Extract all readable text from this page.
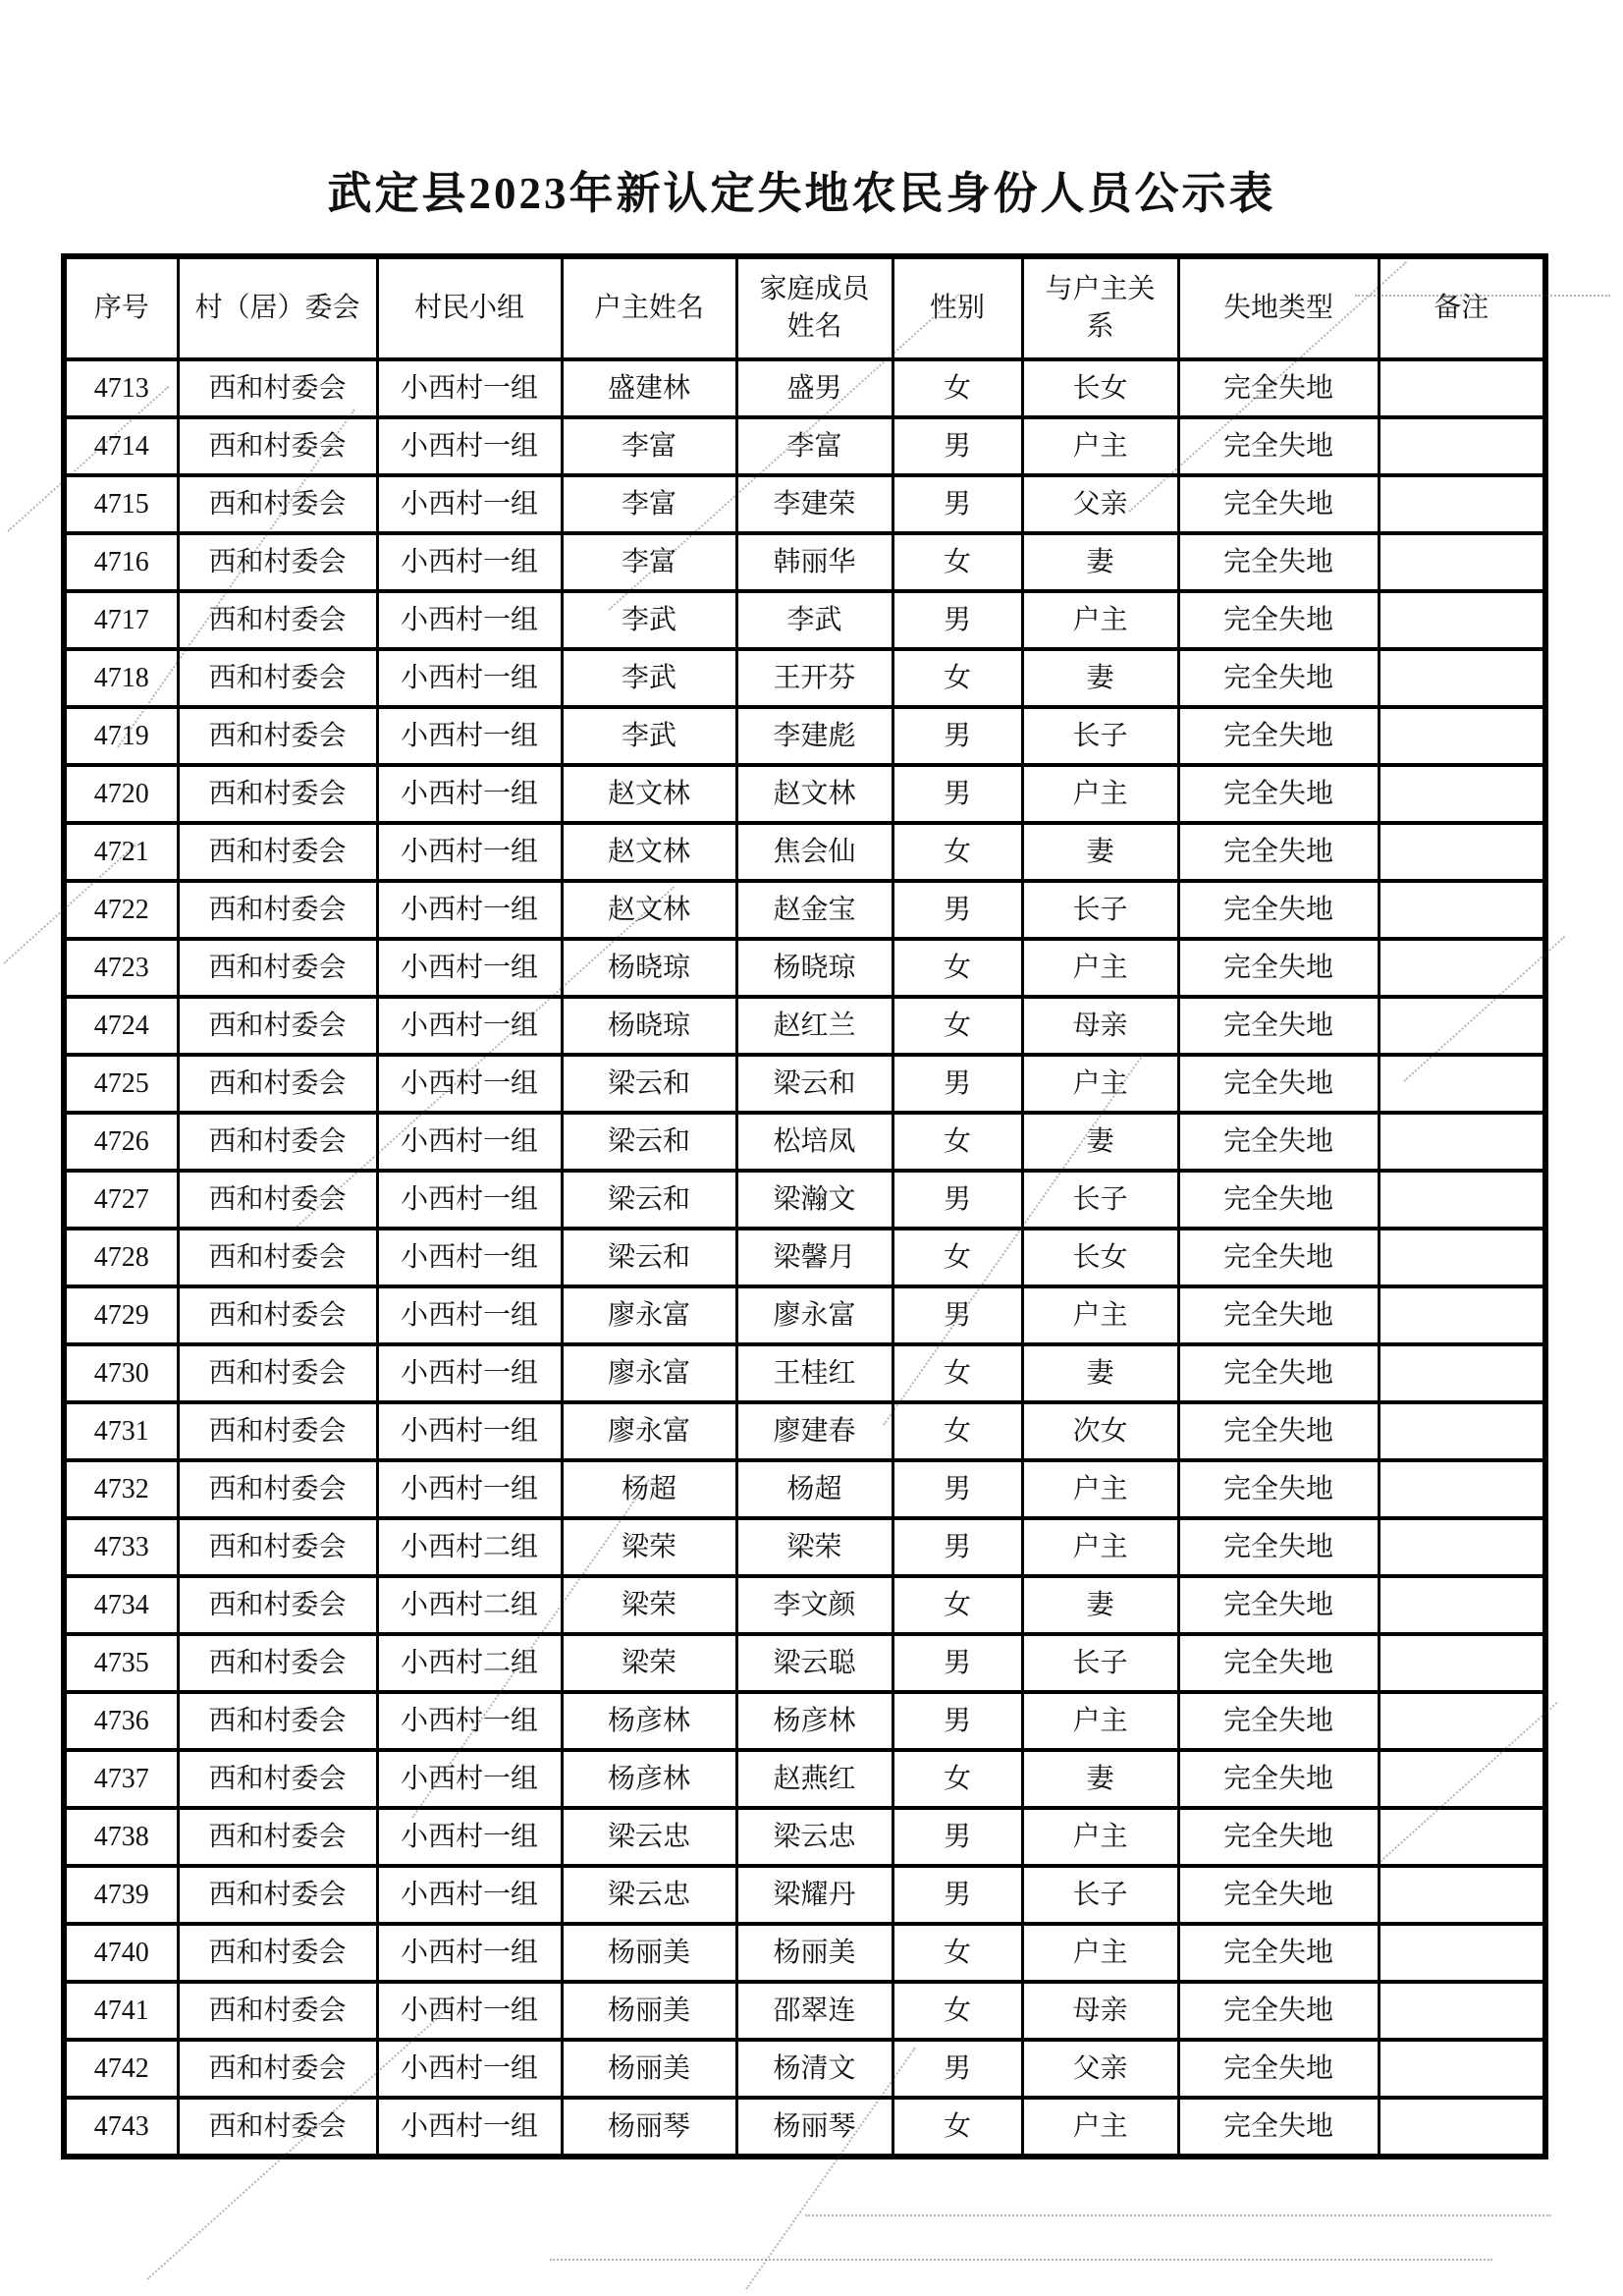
武定县2023年新认定失地农民身份人员公示表
序号	村（居）委会	村民小组	户主姓名	家庭成员姓名	性别	与户主关系	失地类型	备注
4713	西和村委会	小西村一组	盛建林	盛男	女	长女	完全失地	
4714	西和村委会	小西村一组	李富	李富	男	户主	完全失地	
4715	西和村委会	小西村一组	李富	李建荣	男	父亲	完全失地	
4716	西和村委会	小西村一组	李富	韩丽华	女	妻	完全失地	
4717	西和村委会	小西村一组	李武	李武	男	户主	完全失地	
4718	西和村委会	小西村一组	李武	王开芬	女	妻	完全失地	
4719	西和村委会	小西村一组	李武	李建彪	男	长子	完全失地	
4720	西和村委会	小西村一组	赵文林	赵文林	男	户主	完全失地	
4721	西和村委会	小西村一组	赵文林	焦会仙	女	妻	完全失地	
4722	西和村委会	小西村一组	赵文林	赵金宝	男	长子	完全失地	
4723	西和村委会	小西村一组	杨晓琼	杨晓琼	女	户主	完全失地	
4724	西和村委会	小西村一组	杨晓琼	赵红兰	女	母亲	完全失地	
4725	西和村委会	小西村一组	梁云和	梁云和	男	户主	完全失地	
4726	西和村委会	小西村一组	梁云和	松培凤	女	妻	完全失地	
4727	西和村委会	小西村一组	梁云和	梁瀚文	男	长子	完全失地	
4728	西和村委会	小西村一组	梁云和	梁馨月	女	长女	完全失地	
4729	西和村委会	小西村一组	廖永富	廖永富	男	户主	完全失地	
4730	西和村委会	小西村一组	廖永富	王桂红	女	妻	完全失地	
4731	西和村委会	小西村一组	廖永富	廖建春	女	次女	完全失地	
4732	西和村委会	小西村一组	杨超	杨超	男	户主	完全失地	
4733	西和村委会	小西村二组	梁荣	梁荣	男	户主	完全失地	
4734	西和村委会	小西村二组	梁荣	李文颜	女	妻	完全失地	
4735	西和村委会	小西村二组	梁荣	梁云聪	男	长子	完全失地	
4736	西和村委会	小西村一组	杨彦林	杨彦林	男	户主	完全失地	
4737	西和村委会	小西村一组	杨彦林	赵燕红	女	妻	完全失地	
4738	西和村委会	小西村一组	梁云忠	梁云忠	男	户主	完全失地	
4739	西和村委会	小西村一组	梁云忠	梁耀丹	男	长子	完全失地	
4740	西和村委会	小西村一组	杨丽美	杨丽美	女	户主	完全失地	
4741	西和村委会	小西村一组	杨丽美	邵翠连	女	母亲	完全失地	
4742	西和村委会	小西村一组	杨丽美	杨清文	男	父亲	完全失地	
4743	西和村委会	小西村一组	杨丽琴	杨丽琴	女	户主	完全失地	
